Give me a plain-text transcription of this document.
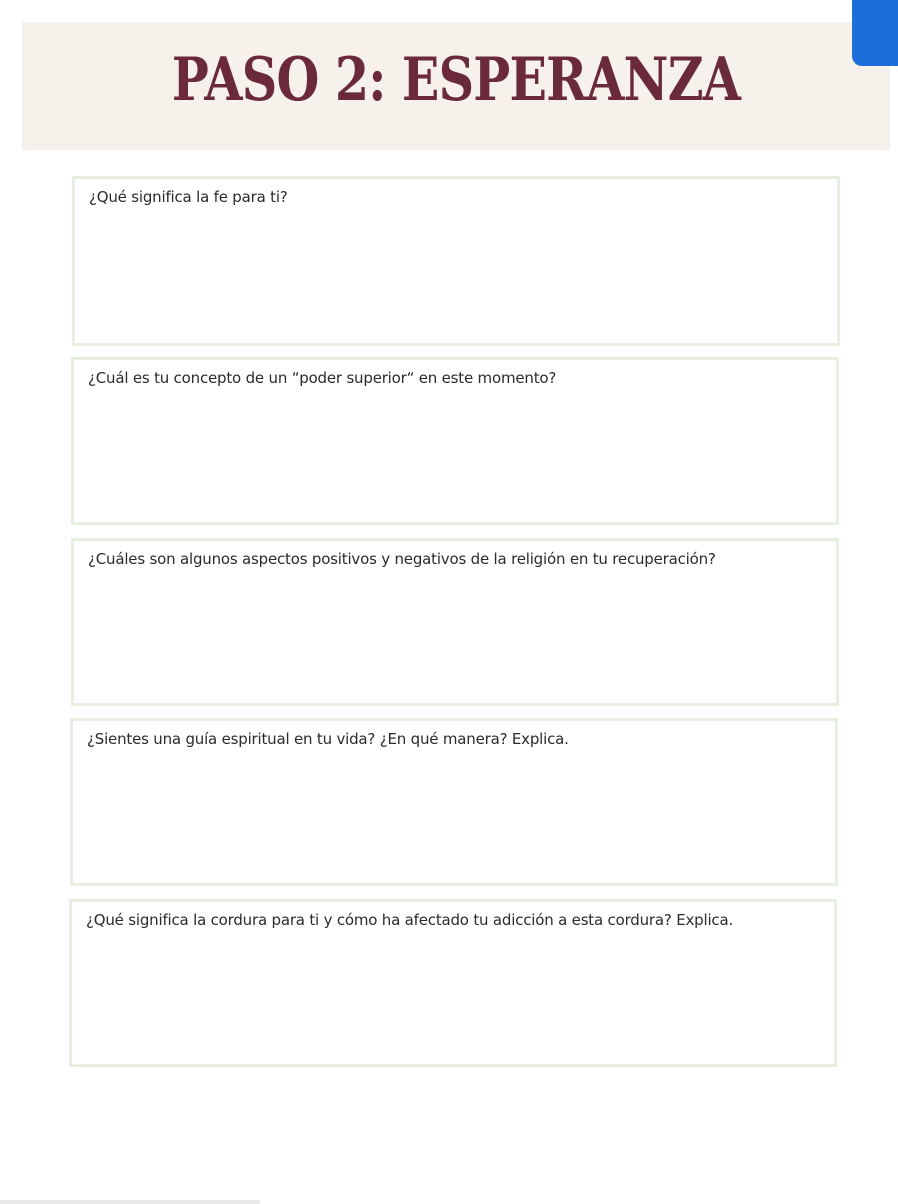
PASO 2: ESPERANZA

¿Qué significa la fe para ti?

¿Cuál es tu concepto de un “poder superior“ en este momento?

¿Cuáles son algunos aspectos positivos y negativos de la religión en tu recuperación?

¿Sientes una guía espiritual en tu vida? ¿En qué manera? Explica.

¿Qué significa la cordura para ti y cómo ha afectado tu adicción a esta cordura? Explica.
